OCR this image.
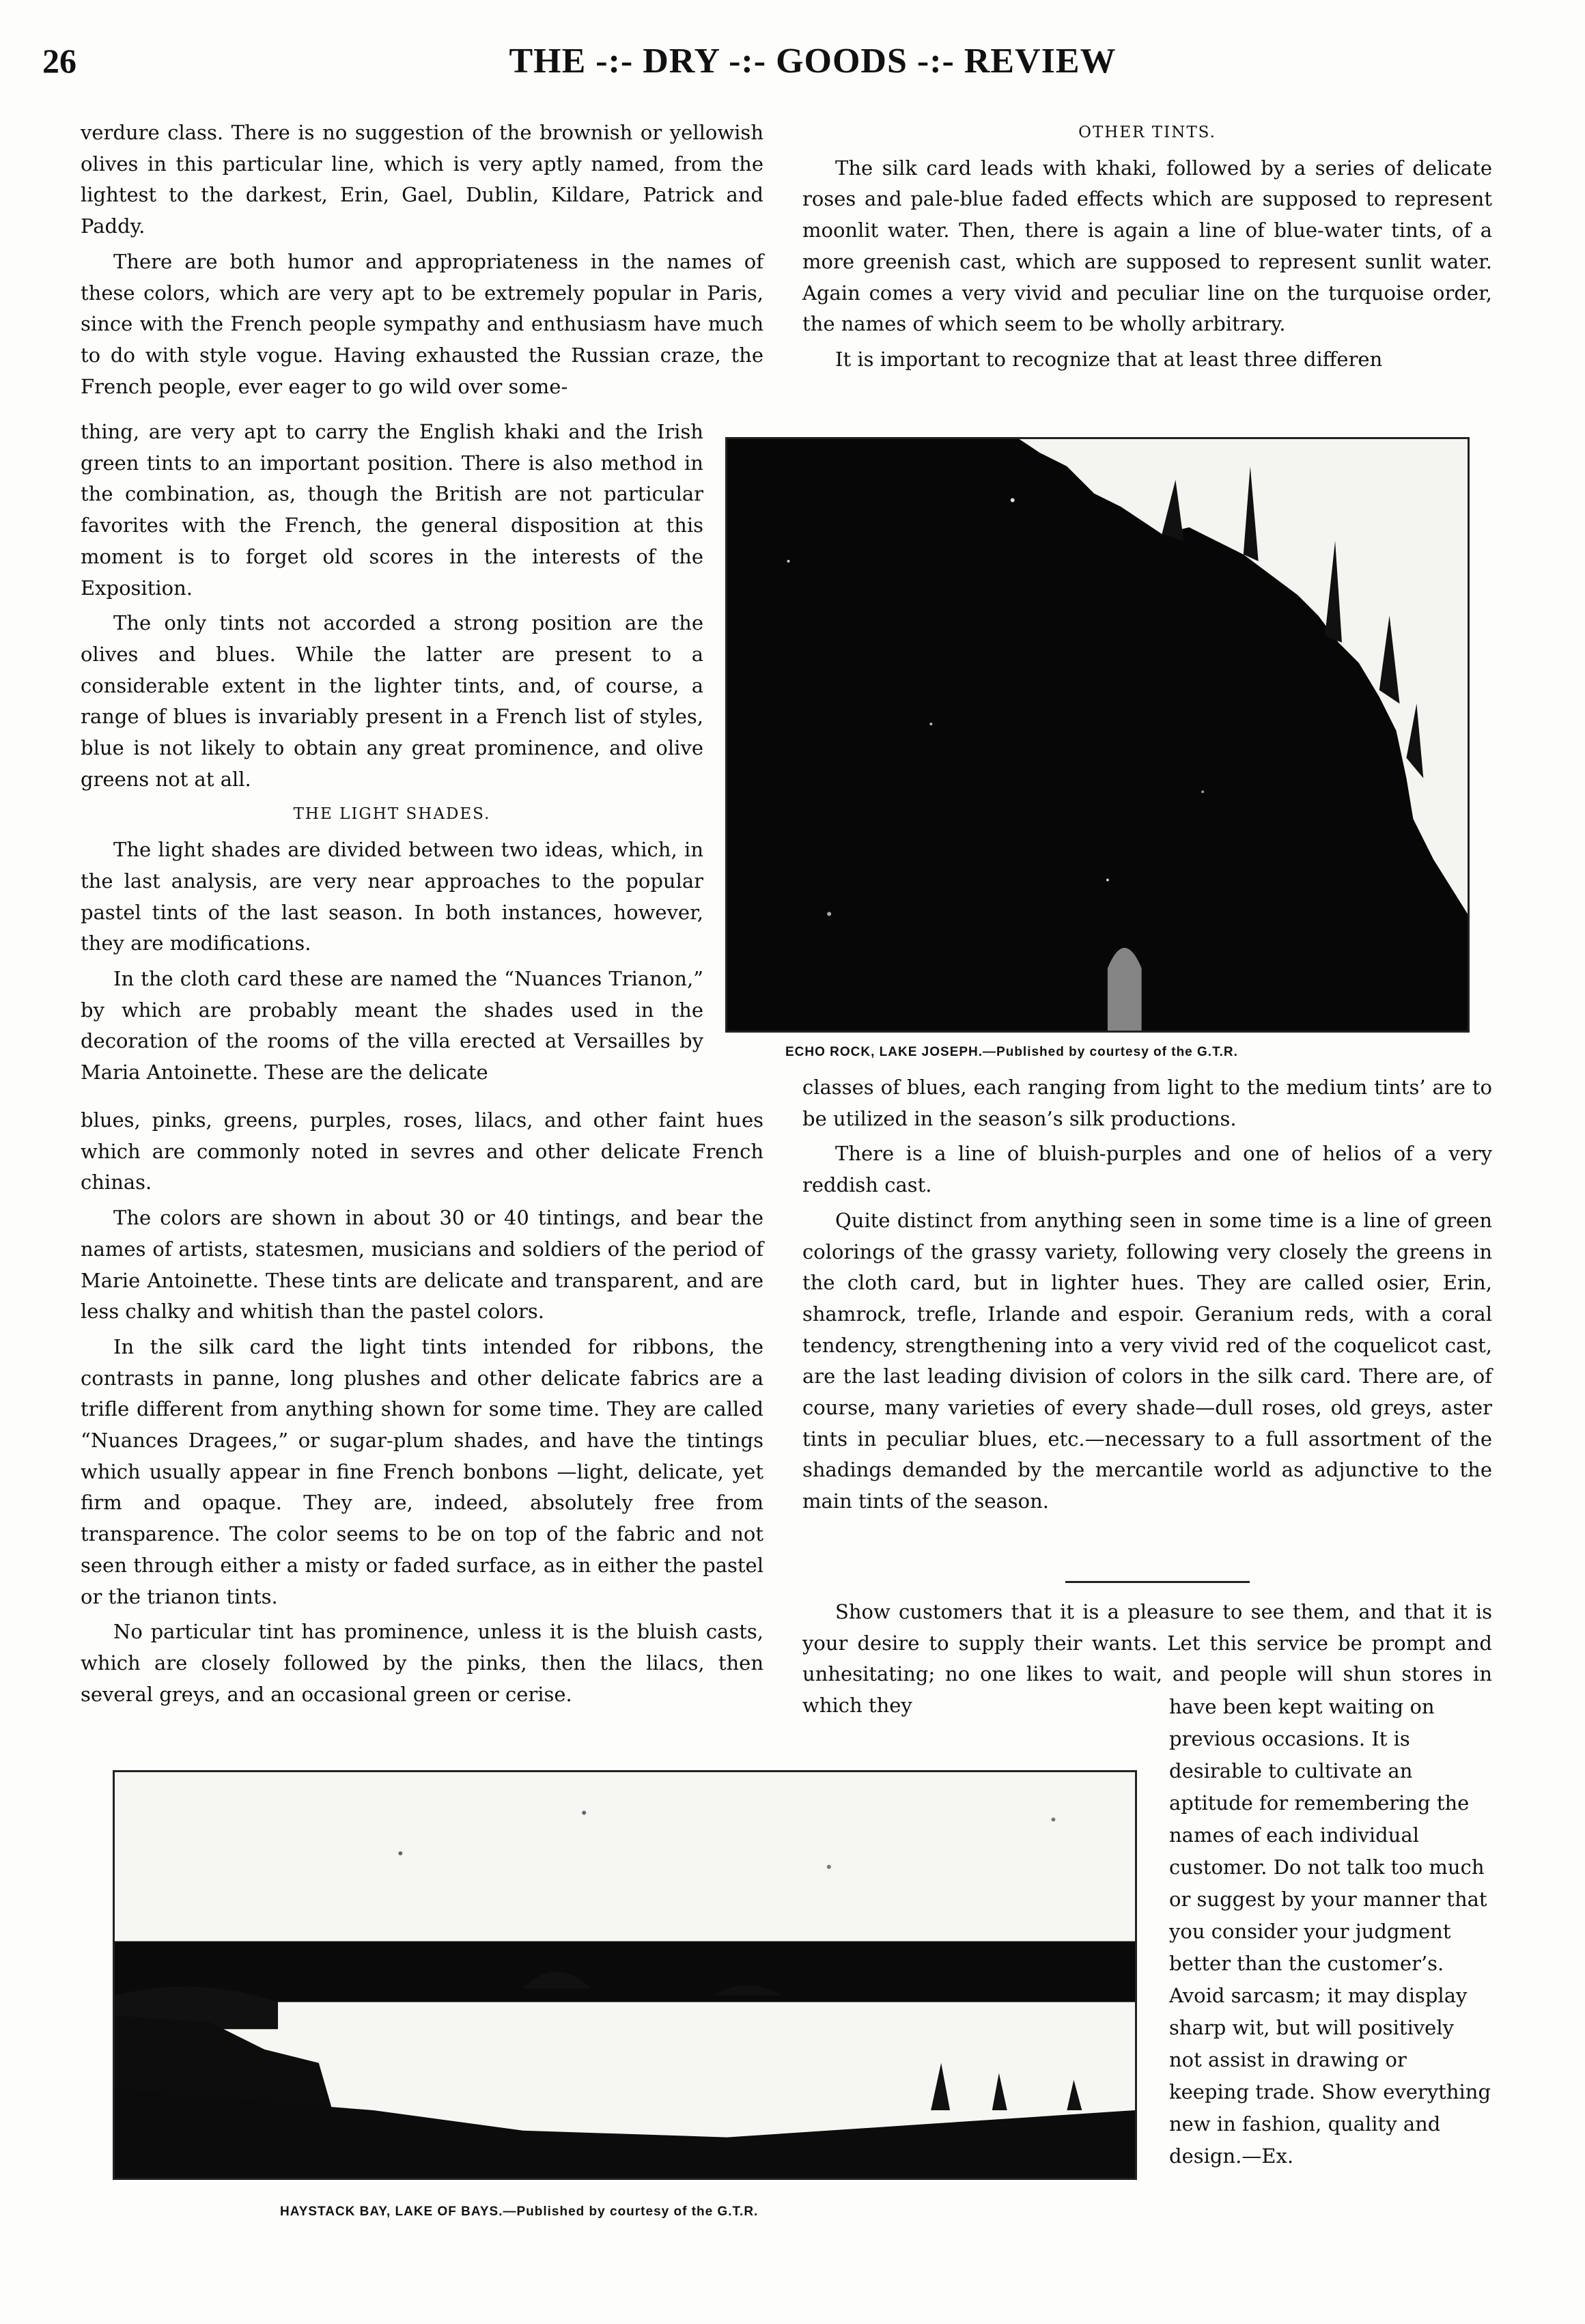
26	THE -:- DRY -:- GOODS -:- REVIEW

verdure class. There is no suggestion of the brownish or yellowish olives in this particular line, which is very aptly named, from the lightest to the darkest, Erin, Gael, Dublin, Kildare, Patrick and Paddy.

There are both humor and appropriateness in the names of these colors, which are very apt to be extremely popular in Paris, since with the French people sympathy and enthusiasm have much to do with style vogue. Having exhausted the Russian craze, the French people, ever eager to go wild over some-

thing, are very apt to carry the English khaki and the Irish green tints to an important position. There is also method in the combination, as, though the British are not particular favorites with the French, the general disposition at this moment is to forget old scores in the interests of the Exposition.

The only tints not accorded a strong position are the olives and blues. While the latter are present to a considerable extent in the lighter tints, and, of course, a range of blues is invariably present in a French list of styles, blue is not likely to obtain any great prominence, and olive greens not at all.

THE LIGHT SHADES.

The light shades are divided between two ideas, which, in the last analysis, are very near approaches to the popular pastel tints of the last season. In both instances, however, they are modifications.

In the cloth card these are named the “Nuances Trianon,” by which are probably meant the shades used in the decoration of the rooms of the villa erected at Versailles by Maria Antoinette. These are the delicate

blues, pinks, greens, purples, roses, lilacs, and other faint hues which are commonly noted in sevres and other delicate French chinas.

The colors are shown in about 30 or 40 tintings, and bear the names of artists, statesmen, musicians and soldiers of the period of Marie Antoinette. These tints are delicate and transparent, and are less chalky and whitish than the pastel colors.

In the silk card the light tints intended for ribbons, the contrasts in panne, long plushes and other delicate fabrics are a trifle different from anything shown for some time. They are called “Nuances Dragees,” or sugar-plum shades, and have the tintings which usually appear in fine French bonbons —light, delicate, yet firm and opaque. They are, indeed, absolutely free from transparence. The color seems to be on top of the fabric and not seen through either a misty or faded surface, as in either the pastel or the trianon tints.

No particular tint has prominence, unless it is the bluish casts, which are closely followed by the pinks, then the lilacs, then several greys, and an occasional green or cerise.

OTHER TINTS.

The silk card leads with khaki, followed by a series of delicate roses and pale-blue faded effects which are supposed to represent moonlit water. Then, there is again a line of blue-water tints, of a more greenish cast, which are supposed to represent sunlit water. Again comes a very vivid and peculiar line on the turquoise order, the names of which seem to be wholly arbitrary.

It is important to recognize that at least three differen

ECHO ROCK, LAKE JOSEPH.—Published by courtesy of the G.T.R.

classes of blues, each ranging from light to the medium tints’ are to be utilized in the season’s silk productions.

There is a line of bluish-purples and one of helios of a very reddish cast.

Quite distinct from anything seen in some time is a line of green colorings of the grassy variety, following very closely the greens in the cloth card, but in lighter hues. They are called osier, Erin, shamrock, trefle, Irlande and espoir. Geranium reds, with a coral tendency, strengthening into a very vivid red of the coquelicot cast, are the last leading division of colors in the silk card. There are, of course, many varieties of every shade—dull roses, old greys, aster tints in peculiar blues, etc.—necessary to a full assortment of the shadings demanded by the mercantile world as adjunctive to the main tints of the season.

Show customers that it is a pleasure to see them, and that it is your desire to supply their wants. Let this service be prompt and unhesitating; no one likes to wait, and people will shun stores in which they	have been kept waiting on previous occasions. It is desirable to cultivate an aptitude for remembering the names of each individual customer. Do not talk too much or suggest by your manner that you consider your judgment better than the customer’s. Avoid sarcasm; it may display sharp wit, but will positively not assist in drawing or keeping trade. Show everything new in fashion, quality and design.—Ex.

HAYSTACK BAY, LAKE OF BAYS.—Published by courtesy of the G.T.R.
